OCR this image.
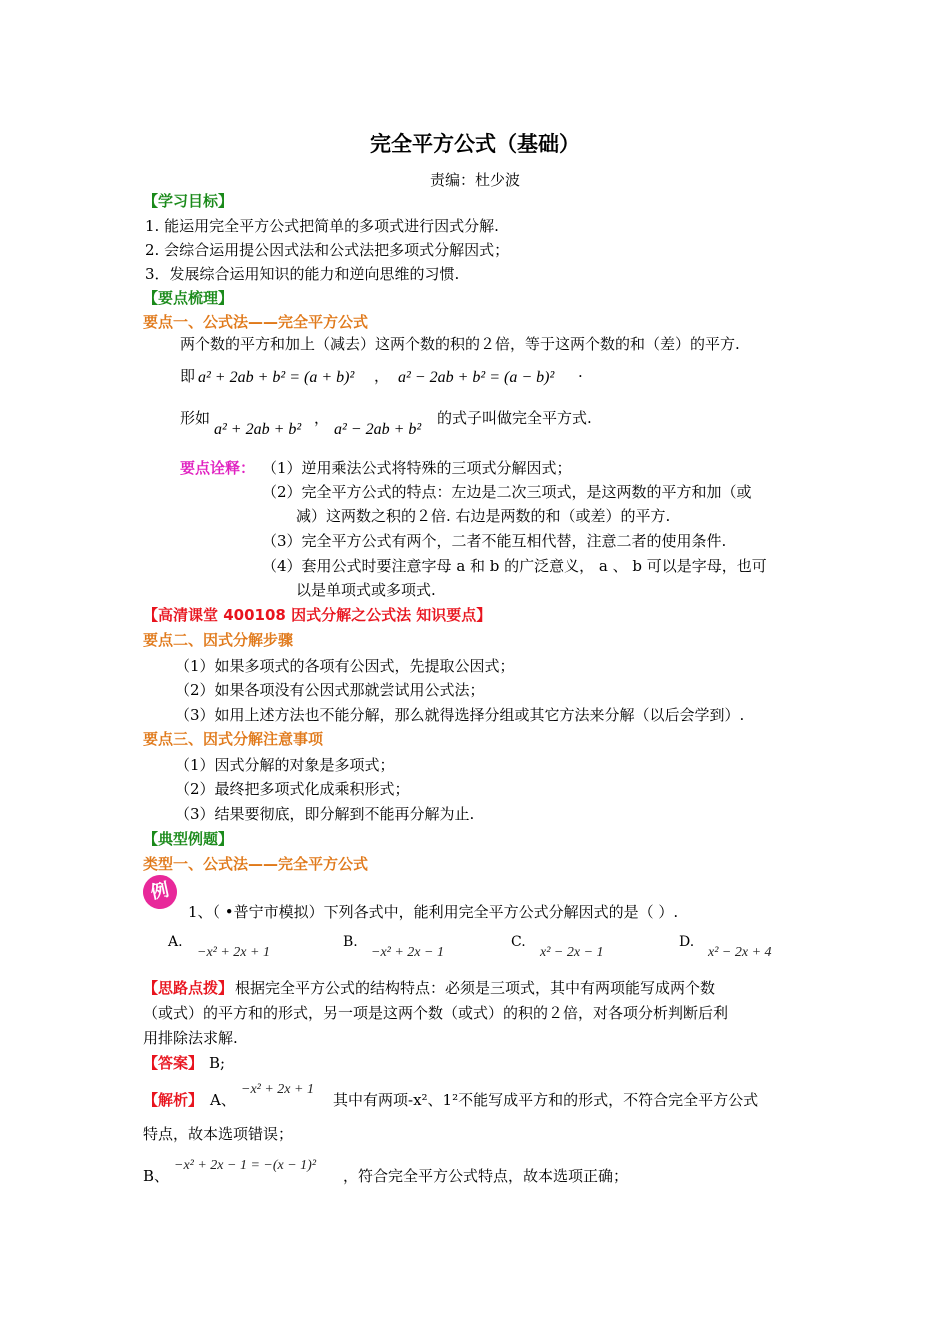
完全平方公式（基础）
责编：杜少波
【学习目标】
1. 能运用完全平方公式把简单的多项式进行因式分解.
2. 会综合运用提公因式法和公式法把多项式分解因式；
3．发展综合运用知识的能力和逆向思维的习惯.
【要点梳理】
要点一、公式法——完全平方公式
两个数的平方和加上（减去）这两个数的积的２倍，等于这两个数的和（差）的平方.
即 a² + 2ab + b² = (a + b)² ， a² − 2ab + b² = (a − b)² ·
形如
a² + 2ab + b²
，
a² − 2ab + b²
的式子叫做完全平方式.
要点诠释： （1）逆用乘法公式将特殊的三项式分解因式；
（2）完全平方公式的特点：左边是二次三项式，是这两数的平方和加（或
减）这两数之积的２倍. 右边是两数的和（或差）的平方.
（3）完全平方公式有两个，二者不能互相代替，注意二者的使用条件.
（4）套用公式时要注意字母 a 和 b 的广泛意义， a 、 b 可以是字母，也可
以是单项式或多项式.
【高清课堂 400108 因式分解之公式法 知识要点】
要点二、因式分解步骤
（1）如果多项式的各项有公因式，先提取公因式；
（2）如果各项没有公因式那就尝试用公式法；
（3）如用上述方法也不能分解，那么就得选择分组或其它方法来分解（以后会学到）.
要点三、因式分解注意事项
（1）因式分解的对象是多项式；
（2）最终把多项式化成乘积形式；
（3）结果要彻底，即分解到不能再分解为止.
【典型例题】
类型一、公式法——完全平方公式
例
1、（ •普宁市模拟）下列各式中，能利用完全平方公式分解因式的是（ ）.
A.
−x² + 2x + 1
B.
−x² + 2x − 1
C.
x² − 2x − 1
D.
x² − 2x + 4
【思路点拨】 根据完全平方公式的结构特点：必须是三项式，其中有两项能写成两个数
（或式）的平方和的形式，另一项是这两个数（或式）的积的２倍，对各项分析判断后利
用排除法求解.
【答案】 B;
【解析】 A、
−x² + 2x + 1
其中有两项-x²、1²不能写成平方和的形式，不符合完全平方公式
特点，故本选项错误；
B、
−x² + 2x − 1 = −(x − 1)²
，符合完全平方公式特点，故本选项正确；
